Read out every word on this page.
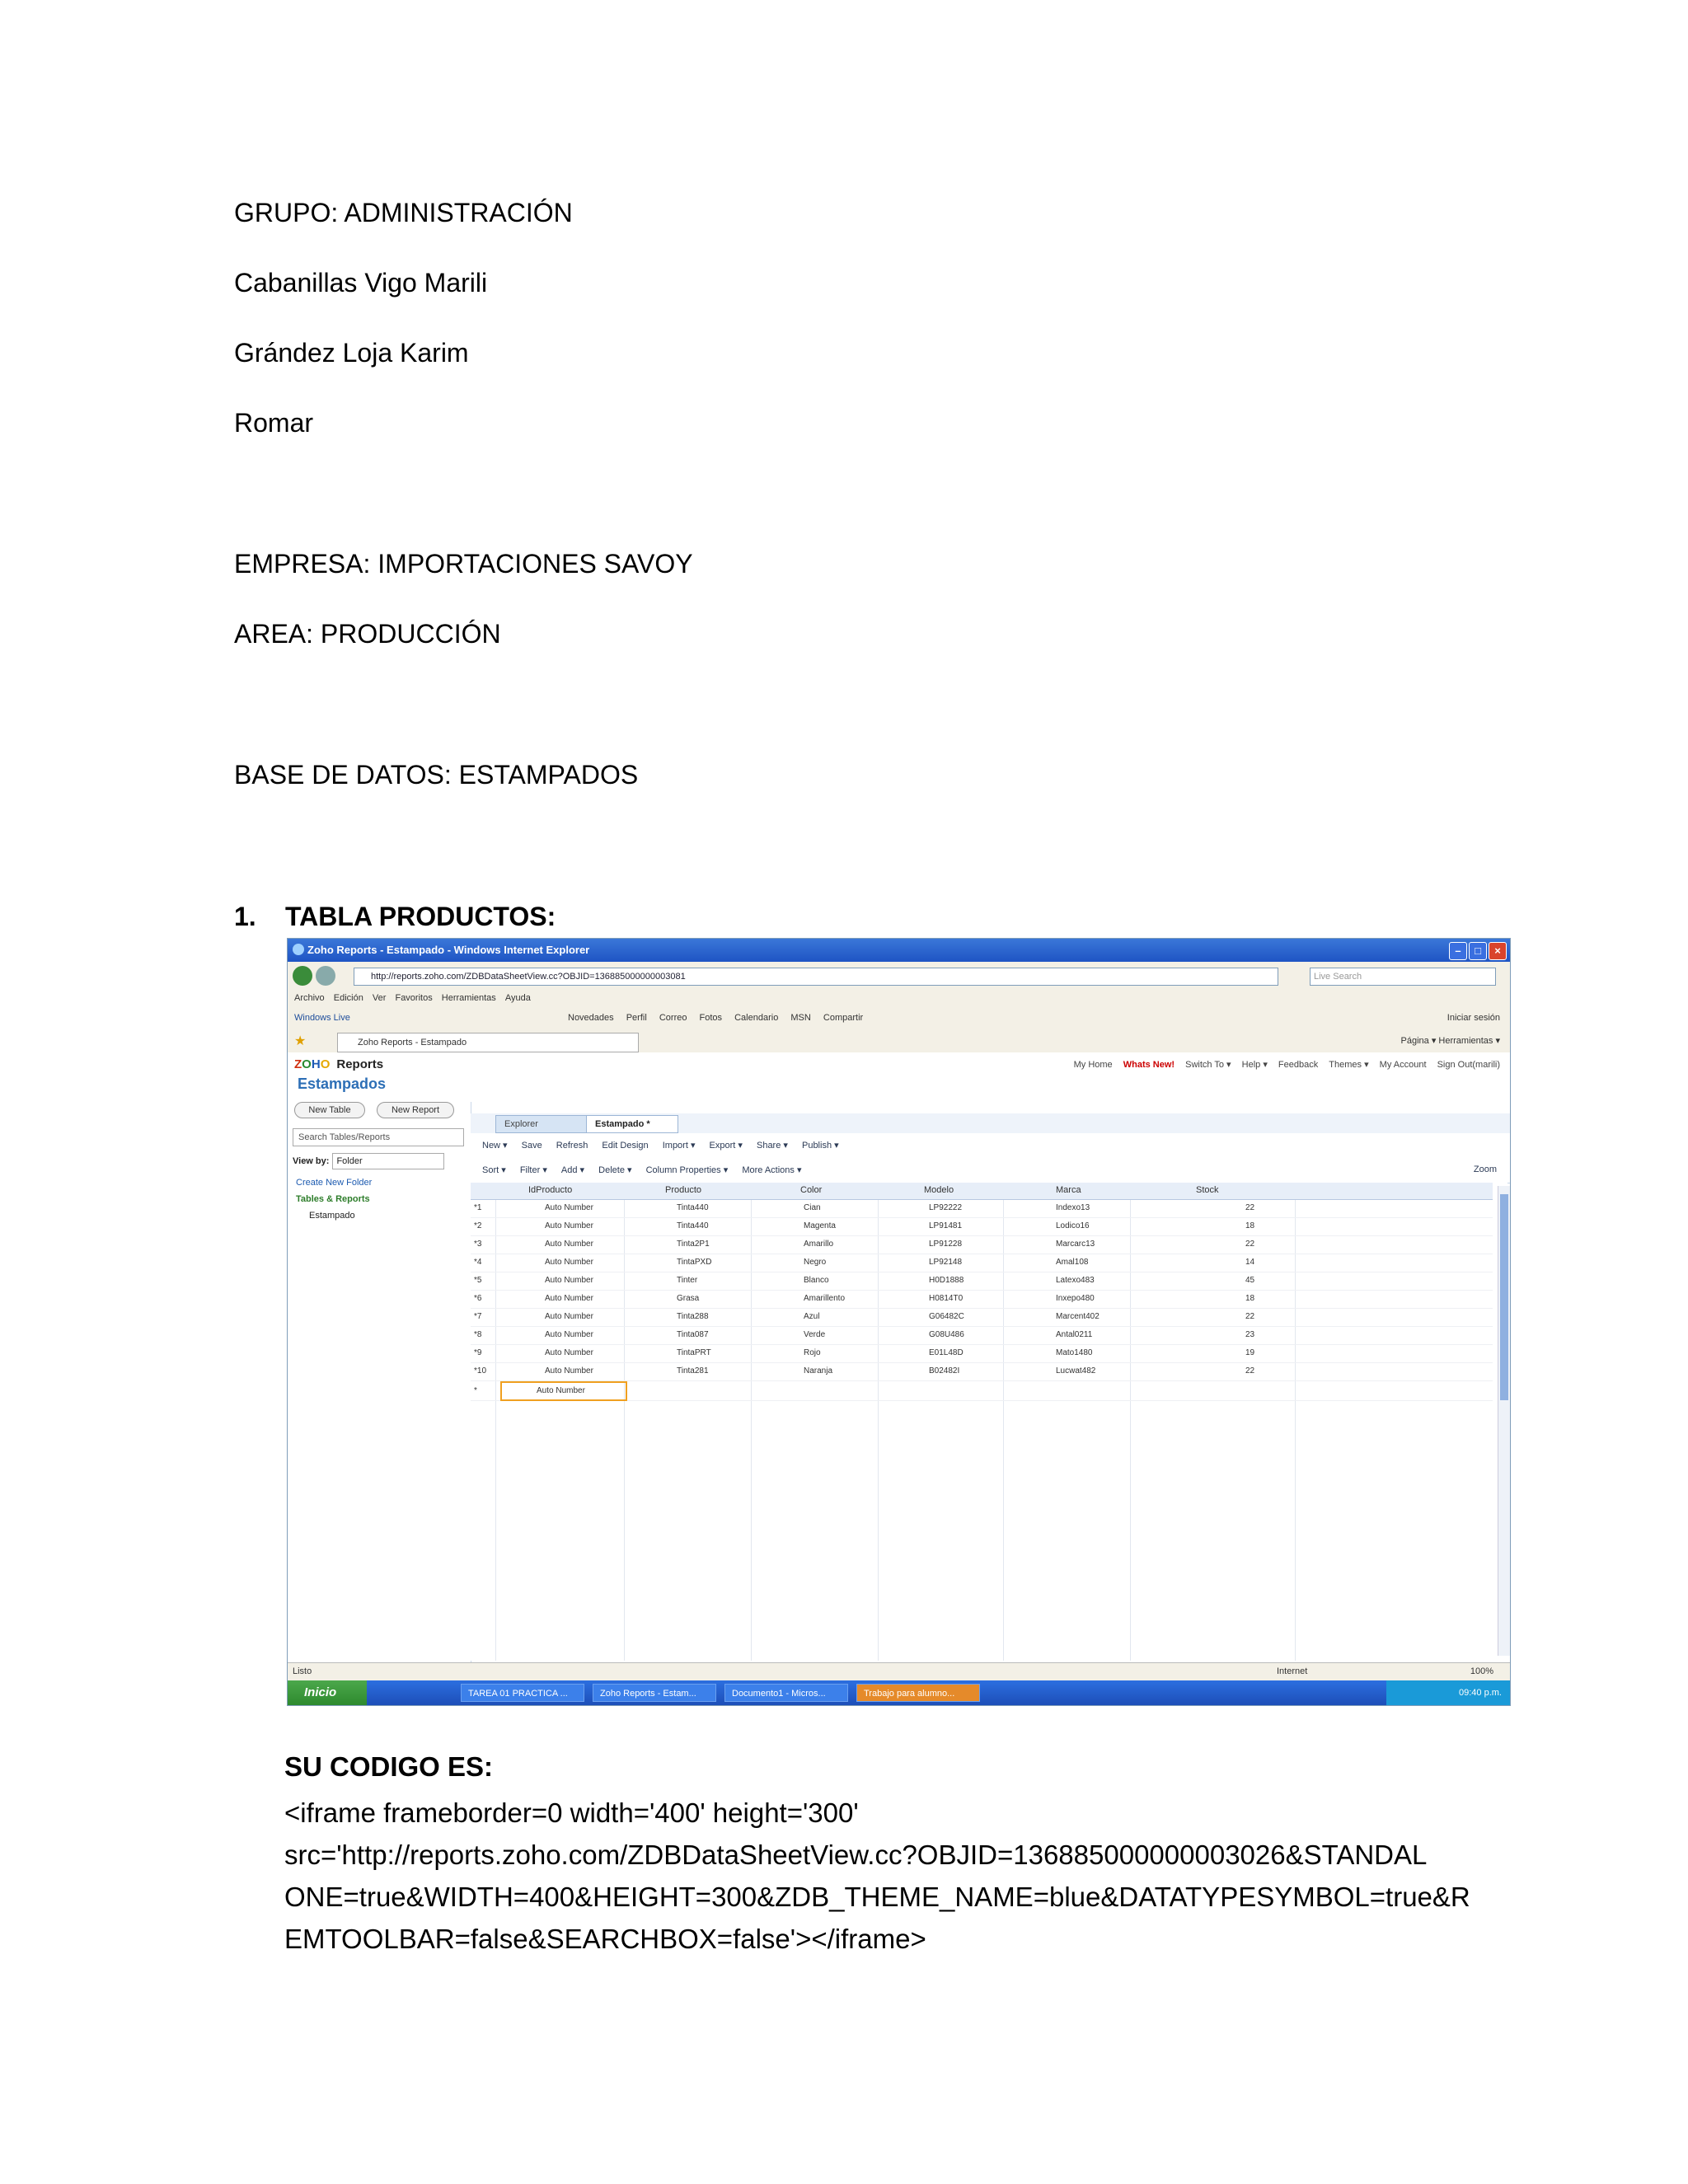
GRUPO: ADMINISTRACIÓN
Cabanillas Vigo Marili
Grández Loja Karim
Romar
EMPRESA: IMPORTACIONES SAVOY
AREA: PRODUCCIÓN
BASE DE DATOS: ESTAMPADOS
1. TABLA PRODUCTOS:
Zoho Reports - Estampado - Windows Internet Explorer	–	□	×
http://reports.zoho.com/ZDBDataSheetView.cc?OBJID=136885000000003081	Live Search
Archivo Edición Ver Favoritos Herramientas Ayuda
Windows Live	Novedades Perfil Correo Fotos Calendario MSN Compartir	Iniciar sesión
★	Zoho Reports - Estampado	Página ▾ Herramientas ▾
ZOHO Reports
Estampados
My Home Whats New! Switch To ▾ Help ▾ Feedback Themes ▾ My Account Sign Out(marili)
New Table	New Report
Search Tables/Reports
View by: Folder
Create New Folder
Tables & Reports
Estampado
Explorer	Estampado *
New ▾ Save Refresh Edit Design Import ▾ Export ▾ Share ▾ Publish ▾
Sort ▾ Filter ▾ Add ▾ Delete ▾ Column Properties ▾ More Actions ▾	Zoom
IdProducto	Producto	Color	Modelo	Marca	Stock
*1	Auto Number	Tinta440	Cian	LP92222	Indexo13	22
*2	Auto Number	Tinta440	Magenta	LP91481	Lodico16	18
*3	Auto Number	Tinta2P1	Amarillo	LP91228	Marcarc13	22
*4	Auto Number	TintaPXD	Negro	LP92148	Amal108	14
*5	Auto Number	Tinter	Blanco	H0D1888	Latexo483	45
*6	Auto Number	Grasa	Amarillento	H0814T0	Inxepo480	18
*7	Auto Number	Tinta288	Azul	G06482C	Marcent402	22
*8	Auto Number	Tinta087	Verde	G08U486	Antal0211	23
*9	Auto Number	TintaPRT	Rojo	E01L48D	Mato1480	19
*10	Auto Number	Tinta281	Naranja	B02482I	Lucwat482	22
*	Auto Number
Listo	Internet	100%
Inicio	TAREA 01 PRACTICA ...	Zoho Reports - Estam...	Documento1 - Micros...	Trabajo para alumno...	09:40 p.m.
SU CODIGO ES:
<iframe frameborder=0 width='400' height='300'
src='http://reports.zoho.com/ZDBDataSheetView.cc?OBJID=136885000000003026&STANDAL
ONE=true&WIDTH=400&HEIGHT=300&ZDB_THEME_NAME=blue&DATATYPESYMBOL=true&R
EMTOOLBAR=false&SEARCHBOX=false'></iframe>
